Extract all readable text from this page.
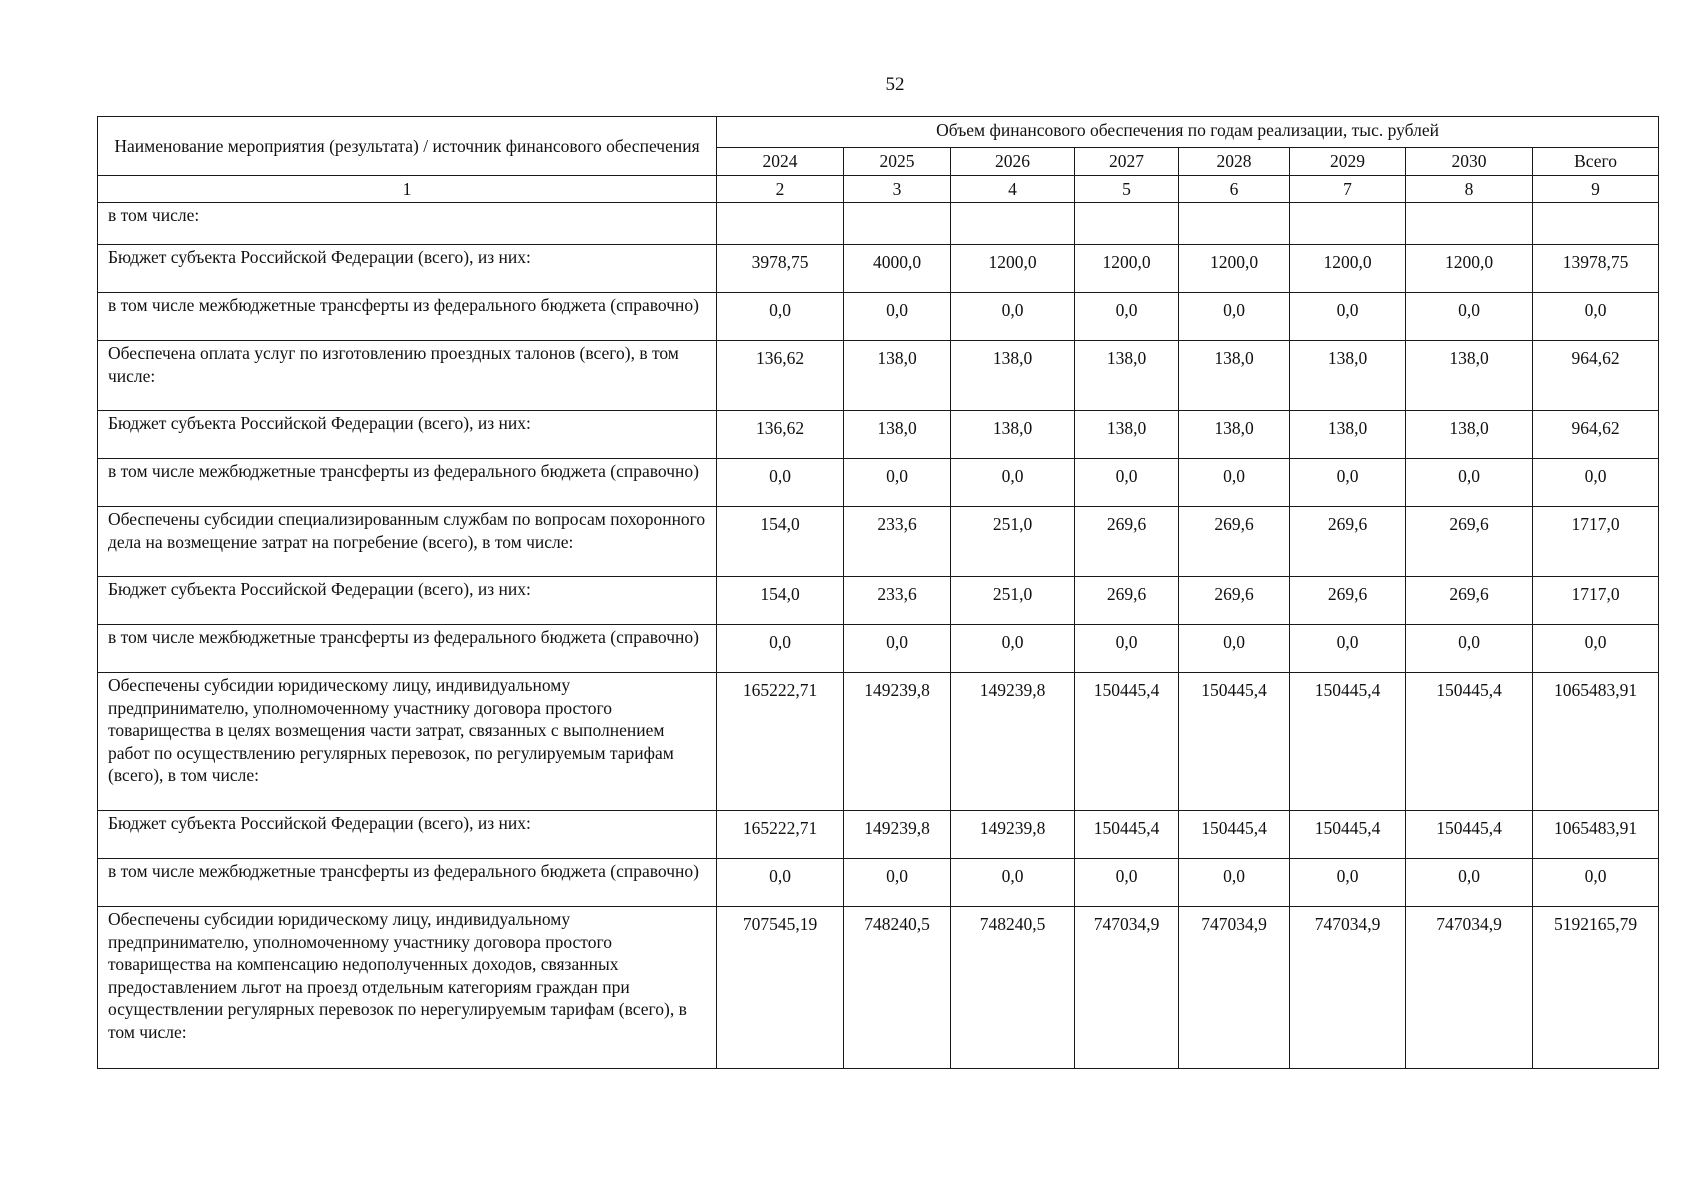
52
Наименование мероприятия (результата) / источник финансового обеспечения	Объем финансового обеспечения по годам реализации, тыс. рублей							
	2024	2025	2026	2027	2028	2029	2030	Всего
1	2	3	4	5	6	7	8	9
в том числе:								
Бюджет субъекта Российской Федерации (всего), из них:	3978,75	4000,0	1200,0	1200,0	1200,0	1200,0	1200,0	13978,75
в том числе межбюджетные трансферты из федерального бюджета (справочно)	0,0	0,0	0,0	0,0	0,0	0,0	0,0	0,0
Обеспечена оплата услуг по изготовлению проездных талонов (всего), в том числе:	136,62	138,0	138,0	138,0	138,0	138,0	138,0	964,62
Бюджет субъекта Российской Федерации (всего), из них:	136,62	138,0	138,0	138,0	138,0	138,0	138,0	964,62
в том числе межбюджетные трансферты из федерального бюджета (справочно)	0,0	0,0	0,0	0,0	0,0	0,0	0,0	0,0
Обеспечены субсидии специализированным службам по вопросам похоронного дела на возмещение затрат на погребение (всего), в том числе:	154,0	233,6	251,0	269,6	269,6	269,6	269,6	1717,0
Бюджет субъекта Российской Федерации (всего), из них:	154,0	233,6	251,0	269,6	269,6	269,6	269,6	1717,0
в том числе межбюджетные трансферты из федерального бюджета (справочно)	0,0	0,0	0,0	0,0	0,0	0,0	0,0	0,0
Обеспечены субсидии юридическому лицу, индивидуальному предпринимателю, уполномоченному участнику договора простого товарищества в целях возмещения части затрат, связанных с выполнением работ по осуществлению регулярных перевозок, по регулируемым тарифам (всего), в том числе:	165222,71	149239,8	149239,8	150445,4	150445,4	150445,4	150445,4	1065483,91
Бюджет субъекта Российской Федерации (всего), из них:	165222,71	149239,8	149239,8	150445,4	150445,4	150445,4	150445,4	1065483,91
в том числе межбюджетные трансферты из федерального бюджета (справочно)	0,0	0,0	0,0	0,0	0,0	0,0	0,0	0,0
Обеспечены субсидии юридическому лицу, индивидуальному предпринимателю, уполномоченному участнику договора простого товарищества на компенсацию недополученных доходов, связанных предоставлением льгот на проезд отдельным категориям граждан при осуществлении регулярных перевозок по нерегулируемым тарифам (всего), в том числе:	707545,19	748240,5	748240,5	747034,9	747034,9	747034,9	747034,9	5192165,79
